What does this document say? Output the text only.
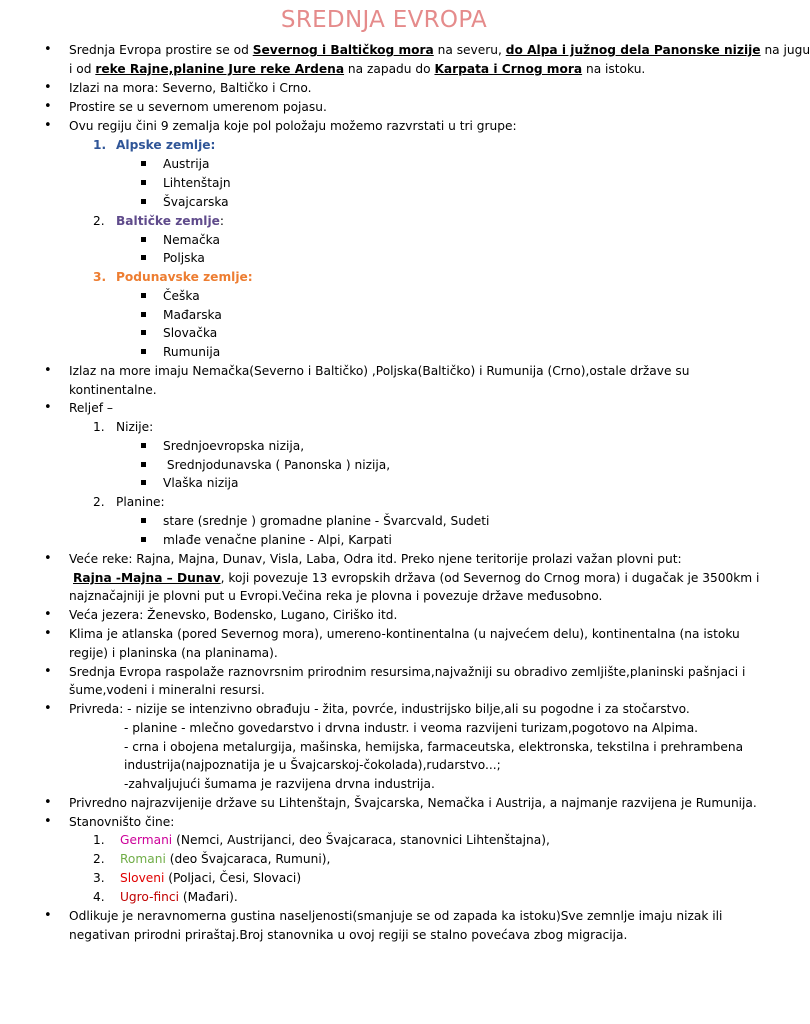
SREDNJA EVROPA
• Srednja Evropa prostire se od Severnog i Baltičkog mora na severu, do Alpa i južnog dela Panonske nizije na jugu
i od reke Rajne,planine Jure reke Ardena na zapadu do Karpata i Crnog mora na istoku.
• Izlazi na mora: Severno, Baltičko i Crno.
• Prostire se u severnom umerenom pojasu.
• Ovu regiju čini 9 zemalja koje pol položaju možemo razvrstati u tri grupe:
1. Alpske zemlje:
Austrija
Lihtenštajn
Švajcarska
2. Baltičke zemlje:
Nemačka
Poljska
3. Podunavske zemlje:
Češka
Mađarska
Slovačka
Rumunija
• Izlaz na more imaju Nemačka(Severno i Baltičko) ,Poljska(Baltičko) i Rumunija (Crno),ostale države su
kontinentalne.
• Reljef –
1. Nizije:
Srednjoevropska nizija,
Srednjodunavska ( Panonska ) nizija,
Vlaška nizija
2. Planine:
stare (srednje ) gromadne planine - Švarcvald, Sudeti
mlađe venačne planine - Alpi, Karpati
• Veće reke: Rajna, Majna, Dunav, Visla, Laba, Odra itd. Preko njene teritorije prolazi važan plovni put:
Rajna -Majna – Dunav, koji povezuje 13 evropskih država (od Severnog do Crnog mora) i dugačak je 3500km i
najznačajniji je plovni put u Evropi.Večina reka je plovna i povezuje države međusobno.
• Veća jezera: Ženevsko, Bodensko, Lugano, Ciriško itd.
• Klima je atlanska (pored Severnog mora), umereno-kontinentalna (u najvećem delu), kontinentalna (na istoku
regije) i planinska (na planinama).
• Srednja Evropa raspolaže raznovrsnim prirodnim resursima,najvažniji su obradivo zemljište,planinski pašnjaci i
šume,vodeni i mineralni resursi.
• Privreda: - nizije se intenzivno obrađuju - žita, povrće, industrijsko bilje,ali su pogodne i za stočarstvo.
- planine - mlečno govedarstvo i drvna industr. i veoma razvijeni turizam,pogotovo na Alpima.
- crna i obojena metalurgija, mašinska, hemijska, farmaceutska, elektronska, tekstilna i prehrambena
industrija(najpoznatija je u Švajcarskoj-čokolada),rudarstvo...;
-zahvaljujući šumama je razvijena drvna industrija.
• Privredno najrazvijenije države su Lihtenštajn, Švajcarska, Nemačka i Austrija, a najmanje razvijena je Rumunija.
• Stanovništo čine:
1. Germani (Nemci, Austrijanci, deo Švajcaraca, stanovnici Lihtenštajna),
2. Romani (deo Švajcaraca, Rumuni),
3. Sloveni (Poljaci, Česi, Slovaci)
4. Ugro-finci (Mađari).
• Odlikuje je neravnomerna gustina naseljenosti(smanjuje se od zapada ka istoku)Sve zemnlje imaju nizak ili
negativan prirodni priraštaj.Broj stanovnika u ovoj regiji se stalno povećava zbog migracija.
